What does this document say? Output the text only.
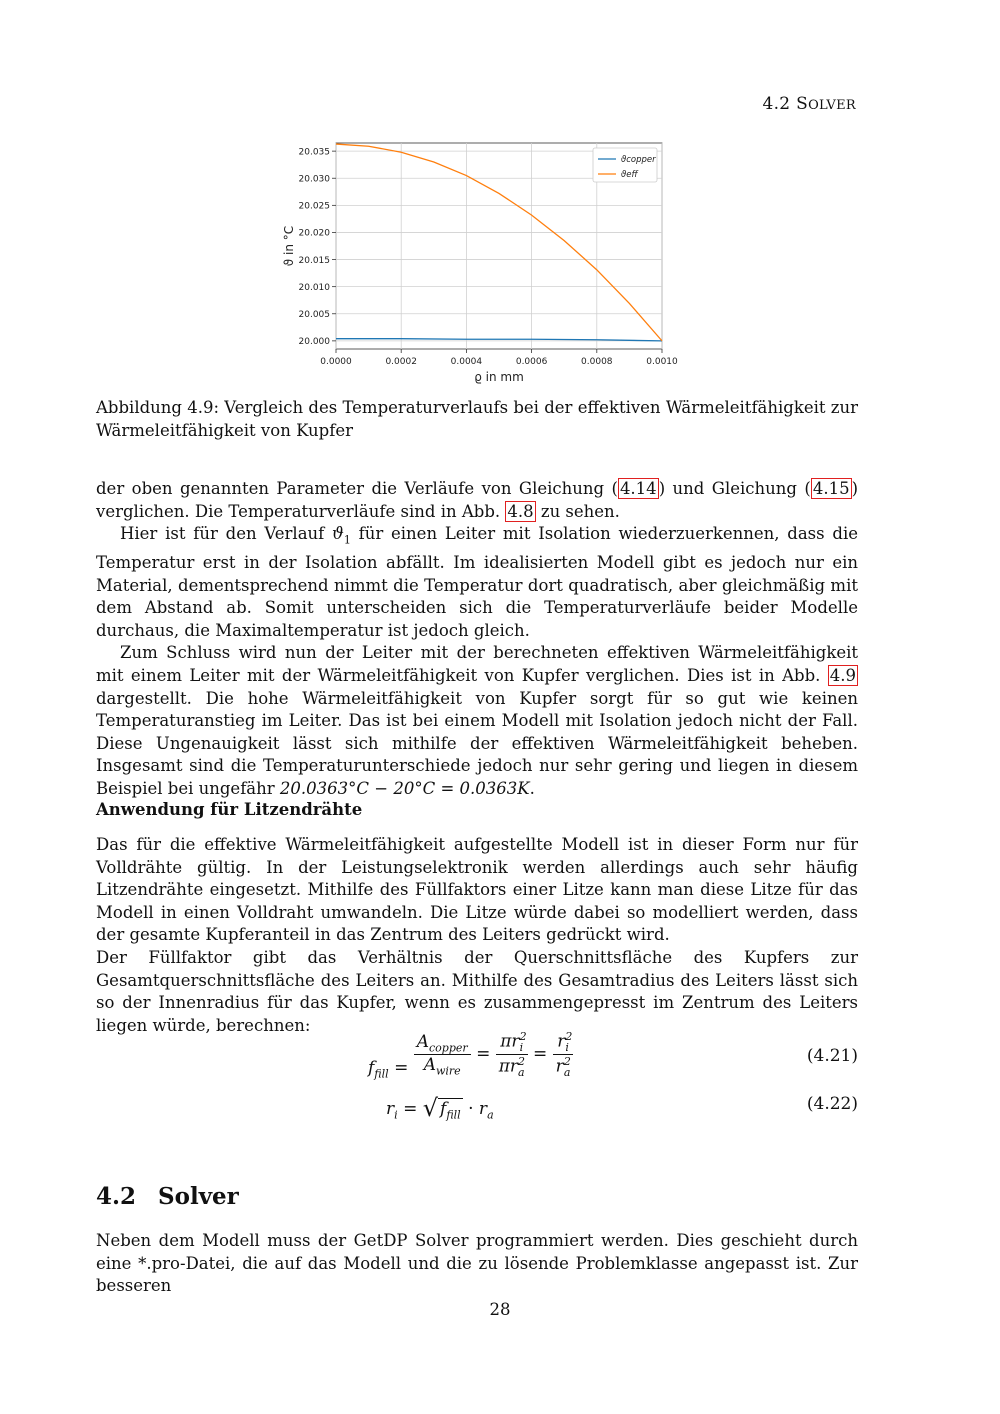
4.2 SOLVER
0.0000	0.0002	0.0004	0.0006	0.0008	0.0010
20.000
20.005
20.010
20.015
20.020
20.025
20.030
20.035
ϱ in mm
ϑ in °C
ϑcopper
ϑeff
Abbildung 4.9: Vergleich des Temperaturverlaufs bei der effektiven Wärmeleitfähigkeit zur Wärmeleitfähigkeit von Kupfer

der oben genannten Parameter die Verläufe von Gleichung ( 4.14 ) und Gleichung ( 4.15 ) verglichen. Die Temperaturverläufe sind in Abb. 4.8 zu sehen.

Hier ist für den Verlauf $ϑ_1$ für einen Leiter mit Isolation wiederzuerkennen, dass die Temperatur erst in der Isolation abfällt. Im idealisierten Modell gibt es jedoch nur ein Material, dementsprechend nimmt die Temperatur dort quadratisch, aber gleichmäßig mit dem Abstand ab. Somit unterscheiden sich die Temperaturverläufe beider Modelle durchaus, die Maximaltemperatur ist jedoch gleich.

Zum Schluss wird nun der Leiter mit der berechneten effektiven Wärmeleitfähigkeit mit einem Leiter mit der Wärmeleitfähigkeit von Kupfer verglichen. Dies ist in Abb. 4.9 dargestellt. Die hohe Wärmeleitfähigkeit von Kupfer sorgt für so gut wie keinen Temperaturanstieg im Leiter. Das ist bei einem Modell mit Isolation jedoch nicht der Fall. Diese Ungenauigkeit lässt sich mithilfe der effektiven Wärmeleitfähigkeit beheben. Insgesamt sind die Temperaturunterschiede jedoch nur sehr gering und liegen in diesem Beispiel bei ungefähr 20.0363°C − 20°C = 0.0363K.

Anwendung für Litzendrähte

Das für die effektive Wärmeleitfähigkeit aufgestellte Modell ist in dieser Form nur für Volldrähte gültig. In der Leistungselektronik werden allerdings auch sehr häufig Litzendrähte eingesetzt. Mithilfe des Füllfaktors einer Litze kann man diese Litze für das Modell in einen Volldraht umwandeln. Die Litze würde dabei so modelliert werden, dass der gesamte Kupferanteil in das Zentrum des Leiters gedrückt wird.

Der Füllfaktor gibt das Verhältnis der Querschnittsfläche des Kupfers zur Gesamtquerschnittsfläche des Leiters an. Mithilfe des Gesamtradius des Leiters lässt sich so der Innenradius für das Kupfer, wenn es zusammengepresst im Zentrum des Leiters liegen würde, berechnen:

$f_{fill} = \frac{A_{copper}}{A_{wire}} = \frac{\pi r^2_i}{\pi r^2_a} = \frac{r^2_i}{r^2_a}$	(4.21)
$r_i$ = √ $f_{fill} \cdot r_a$
(4.22)
4.2 Solver

Neben dem Modell muss der GetDP Solver programmiert werden. Dies geschieht durch eine *.pro-Datei, die auf das Modell und die zu lösende Problemklasse angepasst ist. Zur besseren

28
